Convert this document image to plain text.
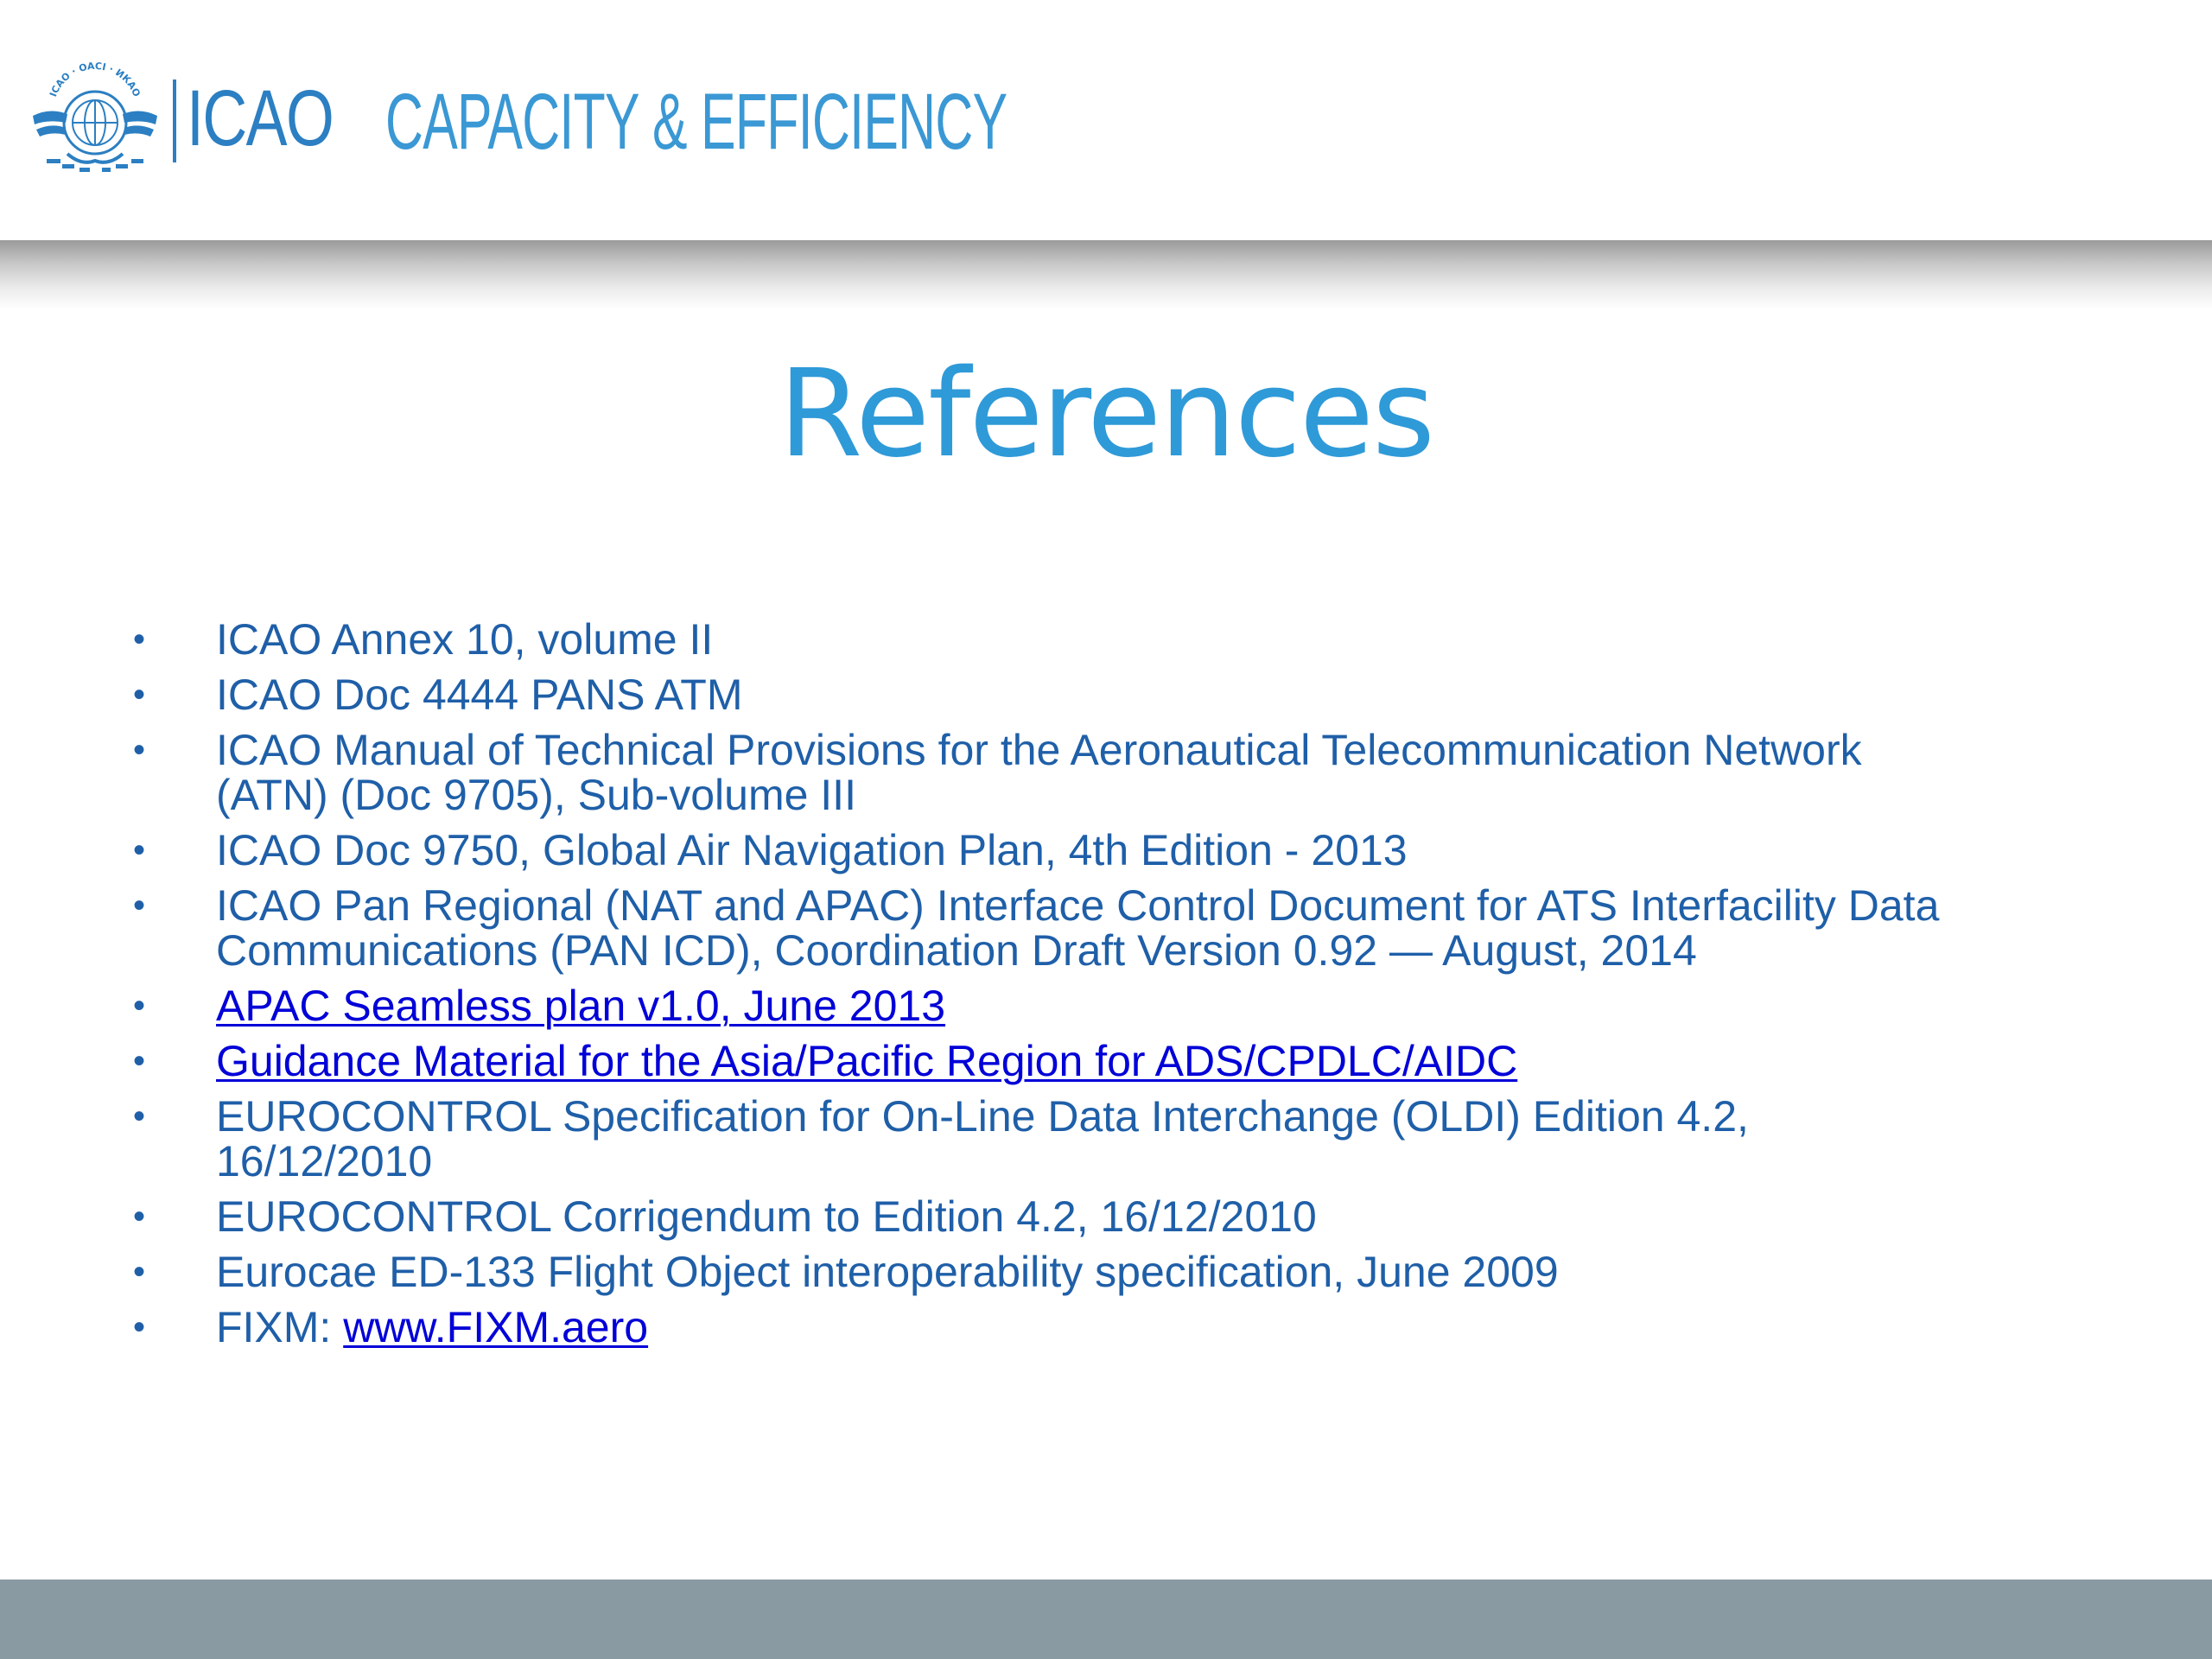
ICAO · OACI · ИКАО ICAO CAPACITY & EFFICIENCY
References
• ICAO Annex 10, volume II
• ICAO Doc 4444 PANS ATM
• ICAO Manual of Technical Provisions for the Aeronautical Telecommunication Network
(ATN) (Doc 9705), Sub-volume III
• ICAO Doc 9750, Global Air Navigation Plan, 4th Edition - 2013
• ICAO Pan Regional (NAT and APAC) Interface Control Document for ATS Interfacility Data
Communications (PAN ICD), Coordination Draft Version 0.92 — August, 2014
• APAC Seamless plan v1.0, June 2013
• Guidance Material for the Asia/Pacific Region for ADS/CPDLC/AIDC
• EUROCONTROL Specification for On-Line Data Interchange (OLDI) Edition 4.2,
16/12/2010
• EUROCONTROL Corrigendum to Edition 4.2, 16/12/2010
• Eurocae ED-133 Flight Object interoperability specification, June 2009
• FIXM: www.FIXM.aero
